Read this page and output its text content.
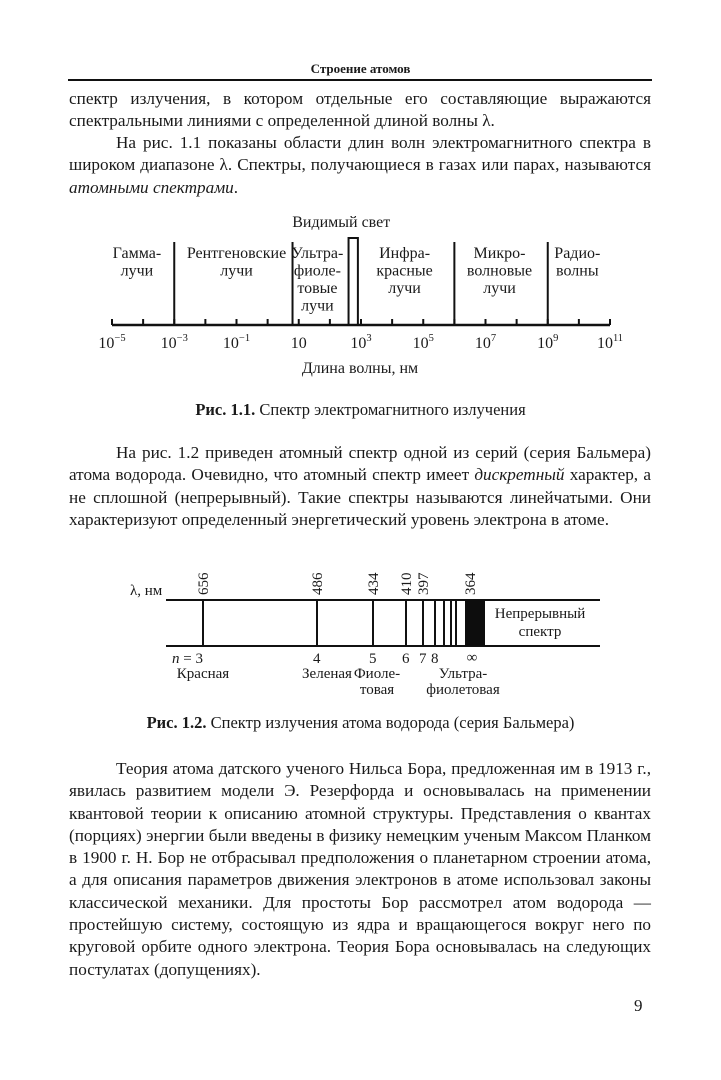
Строение атомов

спектр излучения, в котором отдельные его составляющие выражаются спектральными линиями с определенной длиной волны λ.

На рис. 1.1 показаны области длин волн электромагнитного спектра в широком диапазоне λ. Спектры, получающиеся в газах или парах, называются атомными спектрами.

$10^{-5}$ $10^{-3}$ $10^{-1}$	10	$10^3$	$10^5$	$10^7$	$10^9$ $10^{11}$
Видимый свет
Гамма-
лучи
Рентгеновские
лучи
Ультра-
фиоле-
товые
лучи
Инфра-
красные
лучи
Микро-
волновые
лучи
Радио-
волны
Длина волны, нм
Рис. 1.1. Спектр электромагнитного излучения

На рис. 1.2 приведен атомный спектр одной из серий (серия Бальмера) атома водорода. Очевидно, что атомный спектр имеет дискретный характер, а не сплошной (непрерывный). Такие спектры называются линейчатыми. Они характеризуют определенный энергетический уровень электрона в атоме.

λ, нм 656	486
4
434
5
410
6
397
7 8
364
∞
Непрерывный
спектр
n = 3
Красная	Зеленая Фиоле-
товая
Ультра-
фиолетовая
Рис. 1.2. Спектр излучения атома водорода (серия Бальмера)

Теория атома датского ученого Нильса Бора, предложенная им в 1913 г., явилась развитием модели Э. Резерфорда и основывалась на применении квантовой теории к описанию атомной структуры. Представления о квантах (порциях) энергии были введены в физику немецким ученым Максом Планком в 1900 г. Н. Бор не отбрасывал предположения о планетарном строении атома, а для описания параметров движения электронов в атоме использовал законы классической механики. Для простоты Бор рассмотрел атом водорода — простейшую систему, состоящую из ядра и вращающегося вокруг него по круговой орбите одного электрона. Теория Бора основывалась на следующих постулатах (допущениях).

9
